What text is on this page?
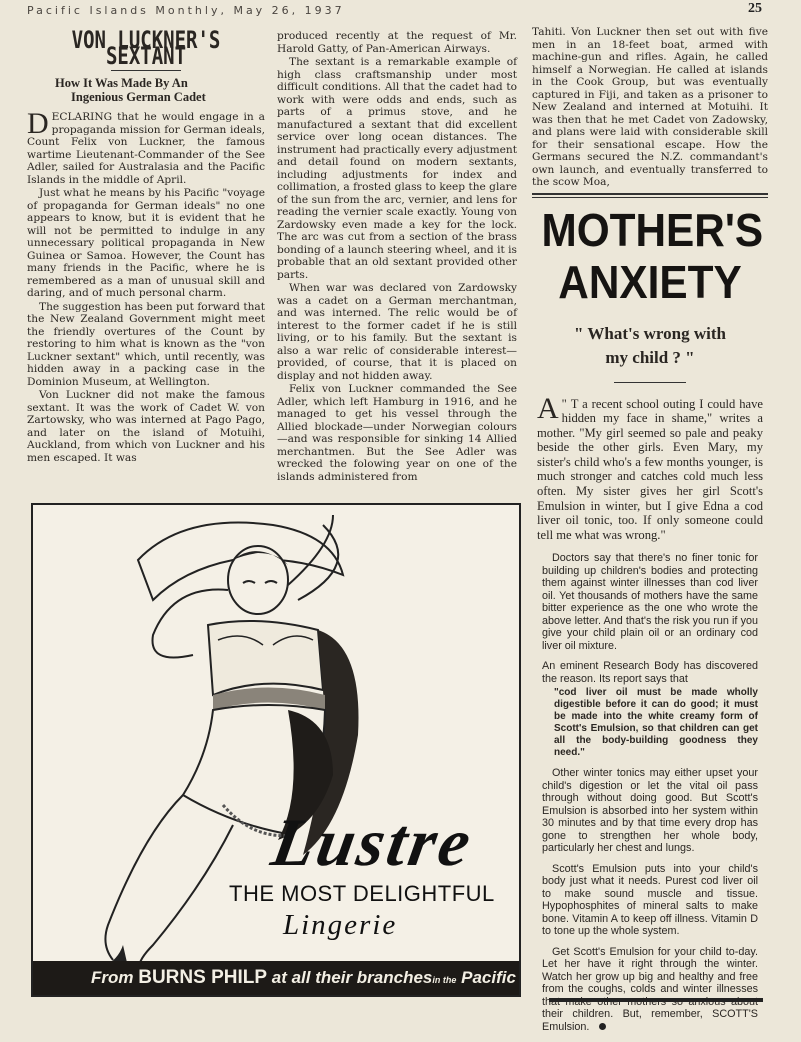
Pacific Islands Monthly, May 26, 1937	25
VON LUCKNER'S SEXTANT
How It Was Made By An
Ingenious German Cadet

DECLARING that he would engage in a propaganda mission for German ideals, Count Felix von Luckner, the famous wartime Lieutenant-Commander of the See Adler, sailed for Australasia and the Pacific Islands in the middle of April.

Just what he means by his Pacific "voyage of propaganda for German ideals" no one appears to know, but it is evident that he will not be permitted to indulge in any unnecessary political propaganda in New Guinea or Samoa. However, the Count has many friends in the Pacific, where he is remembered as a man of unusual skill and daring, and of much personal charm.

The suggestion has been put forward that the New Zealand Government might meet the friendly overtures of the Count by restoring to him what is known as the "von Luckner sextant" which, until recently, was hidden away in a packing case in the Dominion Museum, at Wellington.

Von Luckner did not make the famous sextant. It was the work of Cadet W. von Zartowsky, who was interned at Pago Pago, and later on the island of Motuihi, Auckland, from which von Luckner and his men escaped. It was

produced recently at the request of Mr. Harold Gatty, of Pan-American Airways.

The sextant is a remarkable example of high class craftsmanship under most difficult conditions. All that the cadet had to work with were odds and ends, such as parts of a primus stove, and he manufactured a sextant that did excellent service over long ocean distances. The instrument had practically every adjustment and detail found on modern sextants, including adjustments for index and collimation, a frosted glass to keep the glare of the sun from the arc, vernier, and lens for reading the vernier scale exactly. Young von Zardowsky even made a key for the lock. The arc was cut from a section of the brass bonding of a launch steering wheel, and it is probable that an old sextant provided other parts.

When war was declared von Zardowsky was a cadet on a German merchantman, and was interned. The relic would be of interest to the former cadet if he is still living, or to his family. But the sextant is also a war relic of considerable interest—provided, of course, that it is placed on display and not hidden away.

Felix von Luckner commanded the See Adler, which left Hamburg in 1916, and he managed to get his vessel through the Allied blockade—under Norwegian colours—and was responsible for sinking 14 Allied merchantmen. But the See Adler was wrecked the folowing year on one of the islands administered from

Tahiti. Von Luckner then set out with five men in an 18-feet boat, armed with machine-gun and rifles. Again, he called himself a Norwegian. He called at islands in the Cook Group, but was eventually captured in Fiji, and taken as a prisoner to New Zealand and interned at Motuihi. It was then that he met Cadet von Zadowsky, and plans were laid with considerable skill for their sensational escape. How the Germans secured the N.Z. commandant's own launch, and eventually transferred to the scow Moa,

MOTHER'S
ANXIETY
" What's wrong with
my child ? "
"
A T a recent school outing I could have hidden my face in shame," writes a mother. "My girl seemed so pale and peaky beside the other girls. Even Mary, my sister's child who's a few months younger, is much stronger and catches cold much less often. My sister gives her girl Scott's Emulsion in winter, but I give Edna a cod liver oil tonic, too. If only someone could tell me what was wrong."

Doctors say that there's no finer tonic for building up children's bodies and protecting them against winter illnesses than cod liver oil. Yet thousands of mothers have the same bitter experience as the one who wrote the above letter. And that's the risk you run if you give your child plain oil or an ordinary cod liver oil mixture.

An eminent Research Body has discovered the reason. Its report says that

"cod liver oil must be made wholly digestible before it can do good; it must be made into the white creamy form of Scott's Emulsion, so that children can get all the body-building goodness they need."

Other winter tonics may either upset your child's digestion or let the vital oil pass through without doing good. But Scott's Emulsion is absorbed into her system within 30 minutes and by that time every drop has gone to strengthen her whole body, particularly her chest and lungs.

Scott's Emulsion puts into your child's body just what it needs. Purest cod liver oil to make sound muscle and tissue. Hypophosphites of mineral salts to make bone. Vitamin A to keep off illness. Vitamin D to tone up the whole system.

Get Scott's Emulsion for your child to-day. Let her have it right through the winter. Watch her grow up big and healthy and free from the coughs, colds and winter illnesses that make other mothers so anxious about their children. But, remember, SCOTT'S Emulsion.

Lustre
THE MOST DELIGHTFUL
Lingerie
From BURNS PHILP at all their branchesin the Pacific
